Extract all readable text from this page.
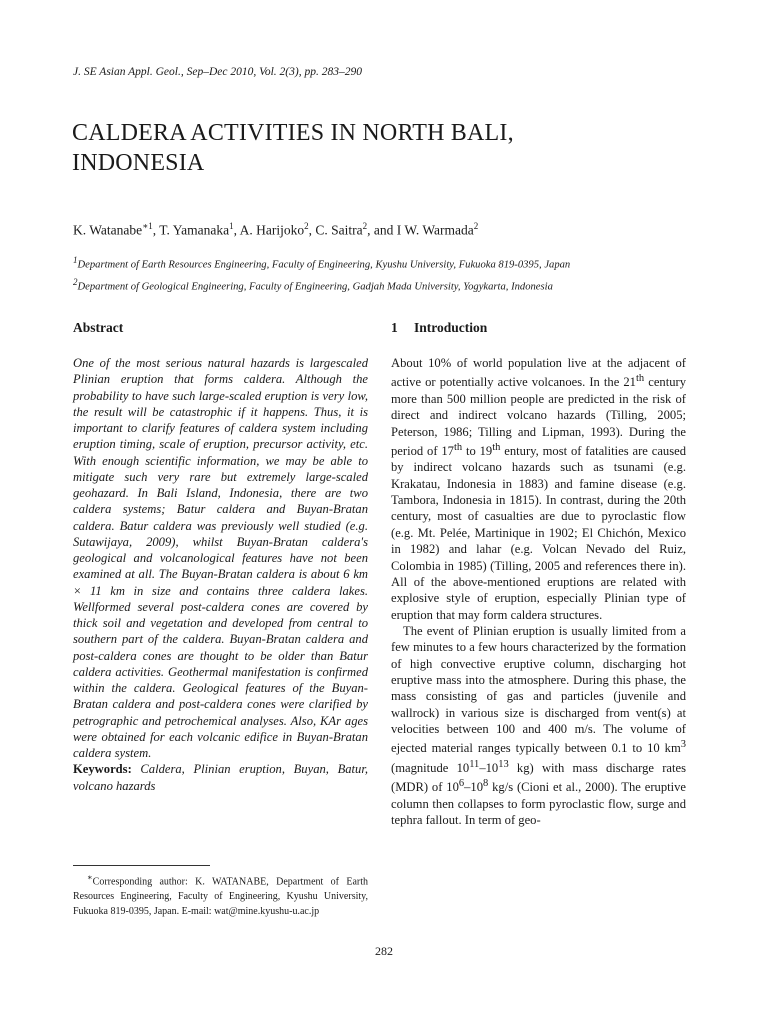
J. SE Asian Appl. Geol., Sep–Dec 2010, Vol. 2(3), pp. 283–290
CALDERA ACTIVITIES IN NORTH BALI,
INDONESIA
K. Watanabe$^{∗1}$, T. Yamanaka$^1$, A. Harijoko$^2$, C. Saitra$^2$, and I W. Warmada$^2$
$^1$Department of Earth Resources Engineering, Faculty of Engineering, Kyushu University, Fukuoka 819-0395, Japan
$^2$Department of Geological Engineering, Faculty of Engineering, Gadjah Mada University, Yogykarta, Indonesia
Abstract

One of the most serious natural hazards is largescaled Plinian eruption that forms caldera. Although the probability to have such large-scaled eruption is very low, the result will be catastrophic if it happens. Thus, it is important to clarify features of caldera system including eruption timing, scale of eruption, precursor activity, etc. With enough scientific information, we may be able to mitigate such very rare but extremely large-scaled geohazard. In Bali Island, Indonesia, there are two caldera systems; Batur caldera and Buyan-Bratan caldera. Batur caldera was previously well studied (e.g. Sutawijaya, 2009), whilst Buyan-Bratan caldera's geological and volcanological features have not been examined at all. The Buyan-Bratan caldera is about 6 km × 11 km in size and contains three caldera lakes. Wellformed several post-caldera cones are covered by thick soil and vegetation and developed from central to southern part of the caldera. Buyan-Bratan caldera and post-caldera cones are thought to be older than Batur caldera activities. Geothermal manifestation is confirmed within the caldera. Geological features of the Buyan-Bratan caldera and post-caldera cones were clarified by petrographic and petrochemical analyses. Also, KAr ages were obtained for each volcanic edifice in Buyan-Bratan caldera system.

Keywords: Caldera, Plinian eruption, Buyan, Batur, volcano hazards

∗Corresponding author: K. WATANABE, Department of Earth Resources Engineering, Faculty of Engineering, Kyushu University, Fukuoka 819-0395, Japan. E-mail: wat@mine.kyushu-u.ac.jp

1 Introduction

About 10% of world population live at the adjacent of active or potentially active volcanoes. In the 21th century more than 500 million people are predicted in the risk of direct and indirect volcano hazards (Tilling, 2005; Peterson, 1986; Tilling and Lipman, 1993). During the period of 17th to 19th entury, most of fatalities are caused by indirect volcano hazards such as tsunami (e.g. Krakatau, Indonesia in 1883) and famine disease (e.g. Tambora, Indonesia in 1815). In contrast, during the 20th century, most of casualties are due to pyroclastic flow (e.g. Mt. Pelée, Martinique in 1902; El Chichón, Mexico in 1982) and lahar (e.g. Volcan Nevado del Ruiz, Colombia in 1985) (Tilling, 2005 and references there in). All of the above-mentioned eruptions are related with explosive style of eruption, especially Plinian type of eruption that may form caldera structures.

The event of Plinian eruption is usually limited from a few minutes to a few hours characterized by the formation of high convective eruptive column, discharging hot eruptive mass into the atmosphere. During this phase, the mass consisting of gas and particles (juvenile and wallrock) in various size is discharged from vent(s) at velocities between 100 and 400 m/s. The volume of ejected material ranges typically between 0.1 to 10 $km^3$ (magnitude $10^{11}-10^{13}$ kg) with mass discharge rates (MDR) of $10^6-10^8$ kg/s (Cioni et al., 2000). The eruptive column then collapses to form pyroclastic flow, surge and tephra fallout. In term of geo-

282
